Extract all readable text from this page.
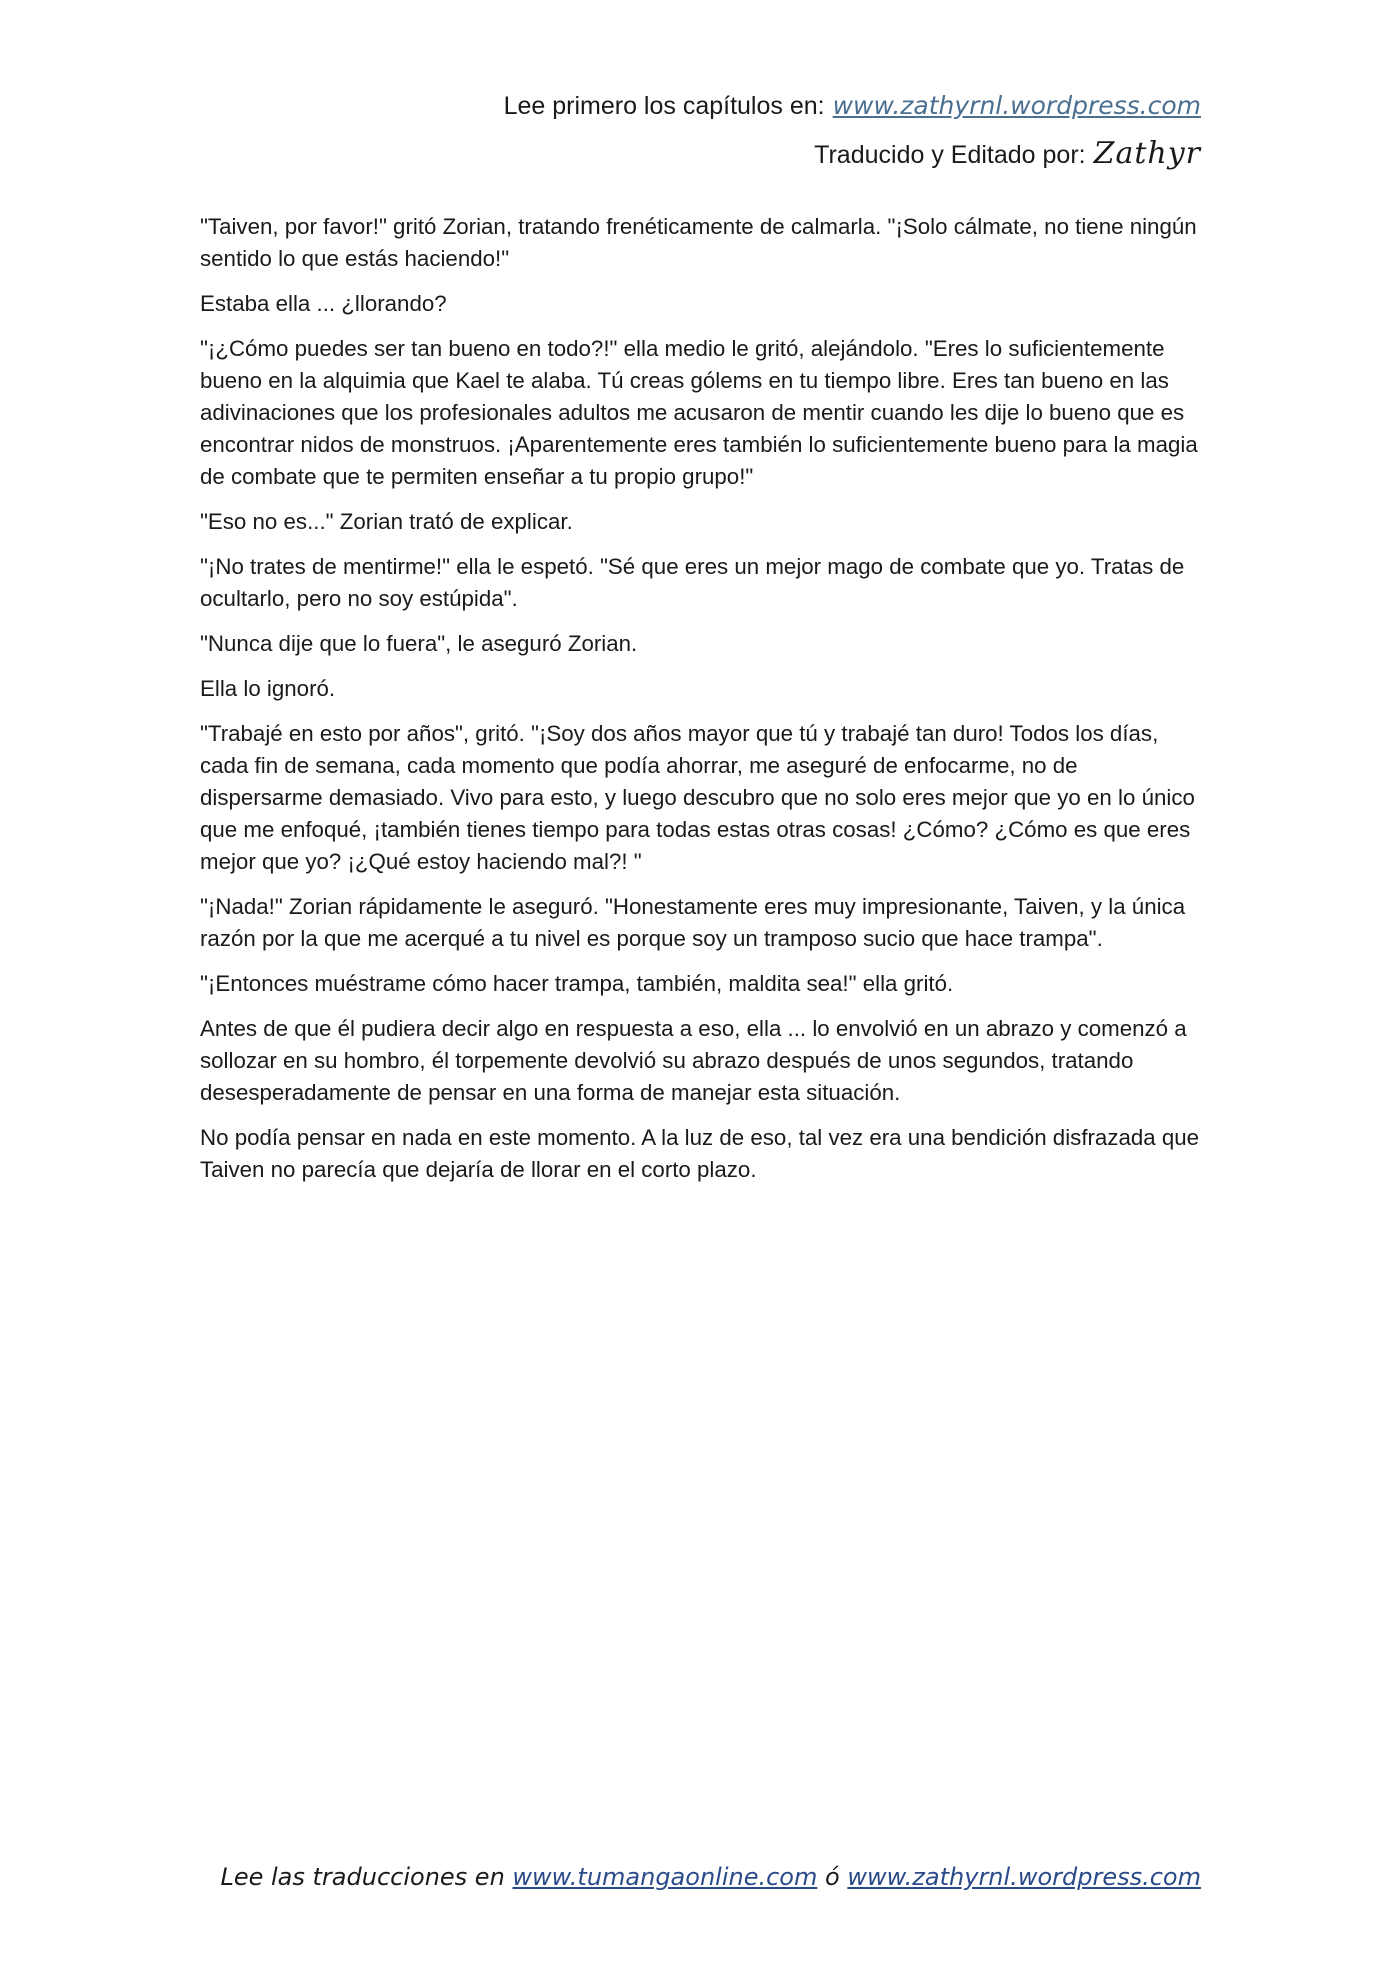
Lee primero los capítulos en: www.zathyrnl.wordpress.com
Traducido y Editado por: Zathyr

"Taiven, por favor!" gritó Zorian, tratando frenéticamente de calmarla. "¡Solo cálmate, no tiene ningún sentido lo que estás haciendo!"

Estaba ella ... ¿llorando?

"¡¿Cómo puedes ser tan bueno en todo?!" ella medio le gritó, alejándolo. "Eres lo suficientemente bueno en la alquimia que Kael te alaba. Tú creas gólems en tu tiempo libre. Eres tan bueno en las adivinaciones que los profesionales adultos me acusaron de mentir cuando les dije lo bueno que es encontrar nidos de monstruos. ¡Aparentemente eres también lo suficientemente bueno para la magia de combate que te permiten enseñar a tu propio grupo!"

"Eso no es..." Zorian trató de explicar.

"¡No trates de mentirme!" ella le espetó. "Sé que eres un mejor mago de combate que yo. Tratas de ocultarlo, pero no soy estúpida".

"Nunca dije que lo fuera", le aseguró Zorian.

Ella lo ignoró.

"Trabajé en esto por años", gritó. "¡Soy dos años mayor que tú y trabajé tan duro! Todos los días, cada fin de semana, cada momento que podía ahorrar, me aseguré de enfocarme, no de dispersarme demasiado. Vivo para esto, y luego descubro que no solo eres mejor que yo en lo único que me enfoqué, ¡también tienes tiempo para todas estas otras cosas! ¿Cómo? ¿Cómo es que eres mejor que yo? ¡¿Qué estoy haciendo mal?! "

"¡Nada!" Zorian rápidamente le aseguró. "Honestamente eres muy impresionante, Taiven, y la única razón por la que me acerqué a tu nivel es porque soy un tramposo sucio que hace trampa".

"¡Entonces muéstrame cómo hacer trampa, también, maldita sea!" ella gritó.

Antes de que él pudiera decir algo en respuesta a eso, ella ... lo envolvió en un abrazo y comenzó a sollozar en su hombro, él torpemente devolvió su abrazo después de unos segundos, tratando desesperadamente de pensar en una forma de manejar esta situación.

No podía pensar en nada en este momento. A la luz de eso, tal vez era una bendición disfrazada que Taiven no parecía que dejaría de llorar en el corto plazo.

Lee las traducciones en www.tumangaonline.com ó www.zathyrnl.wordpress.com
